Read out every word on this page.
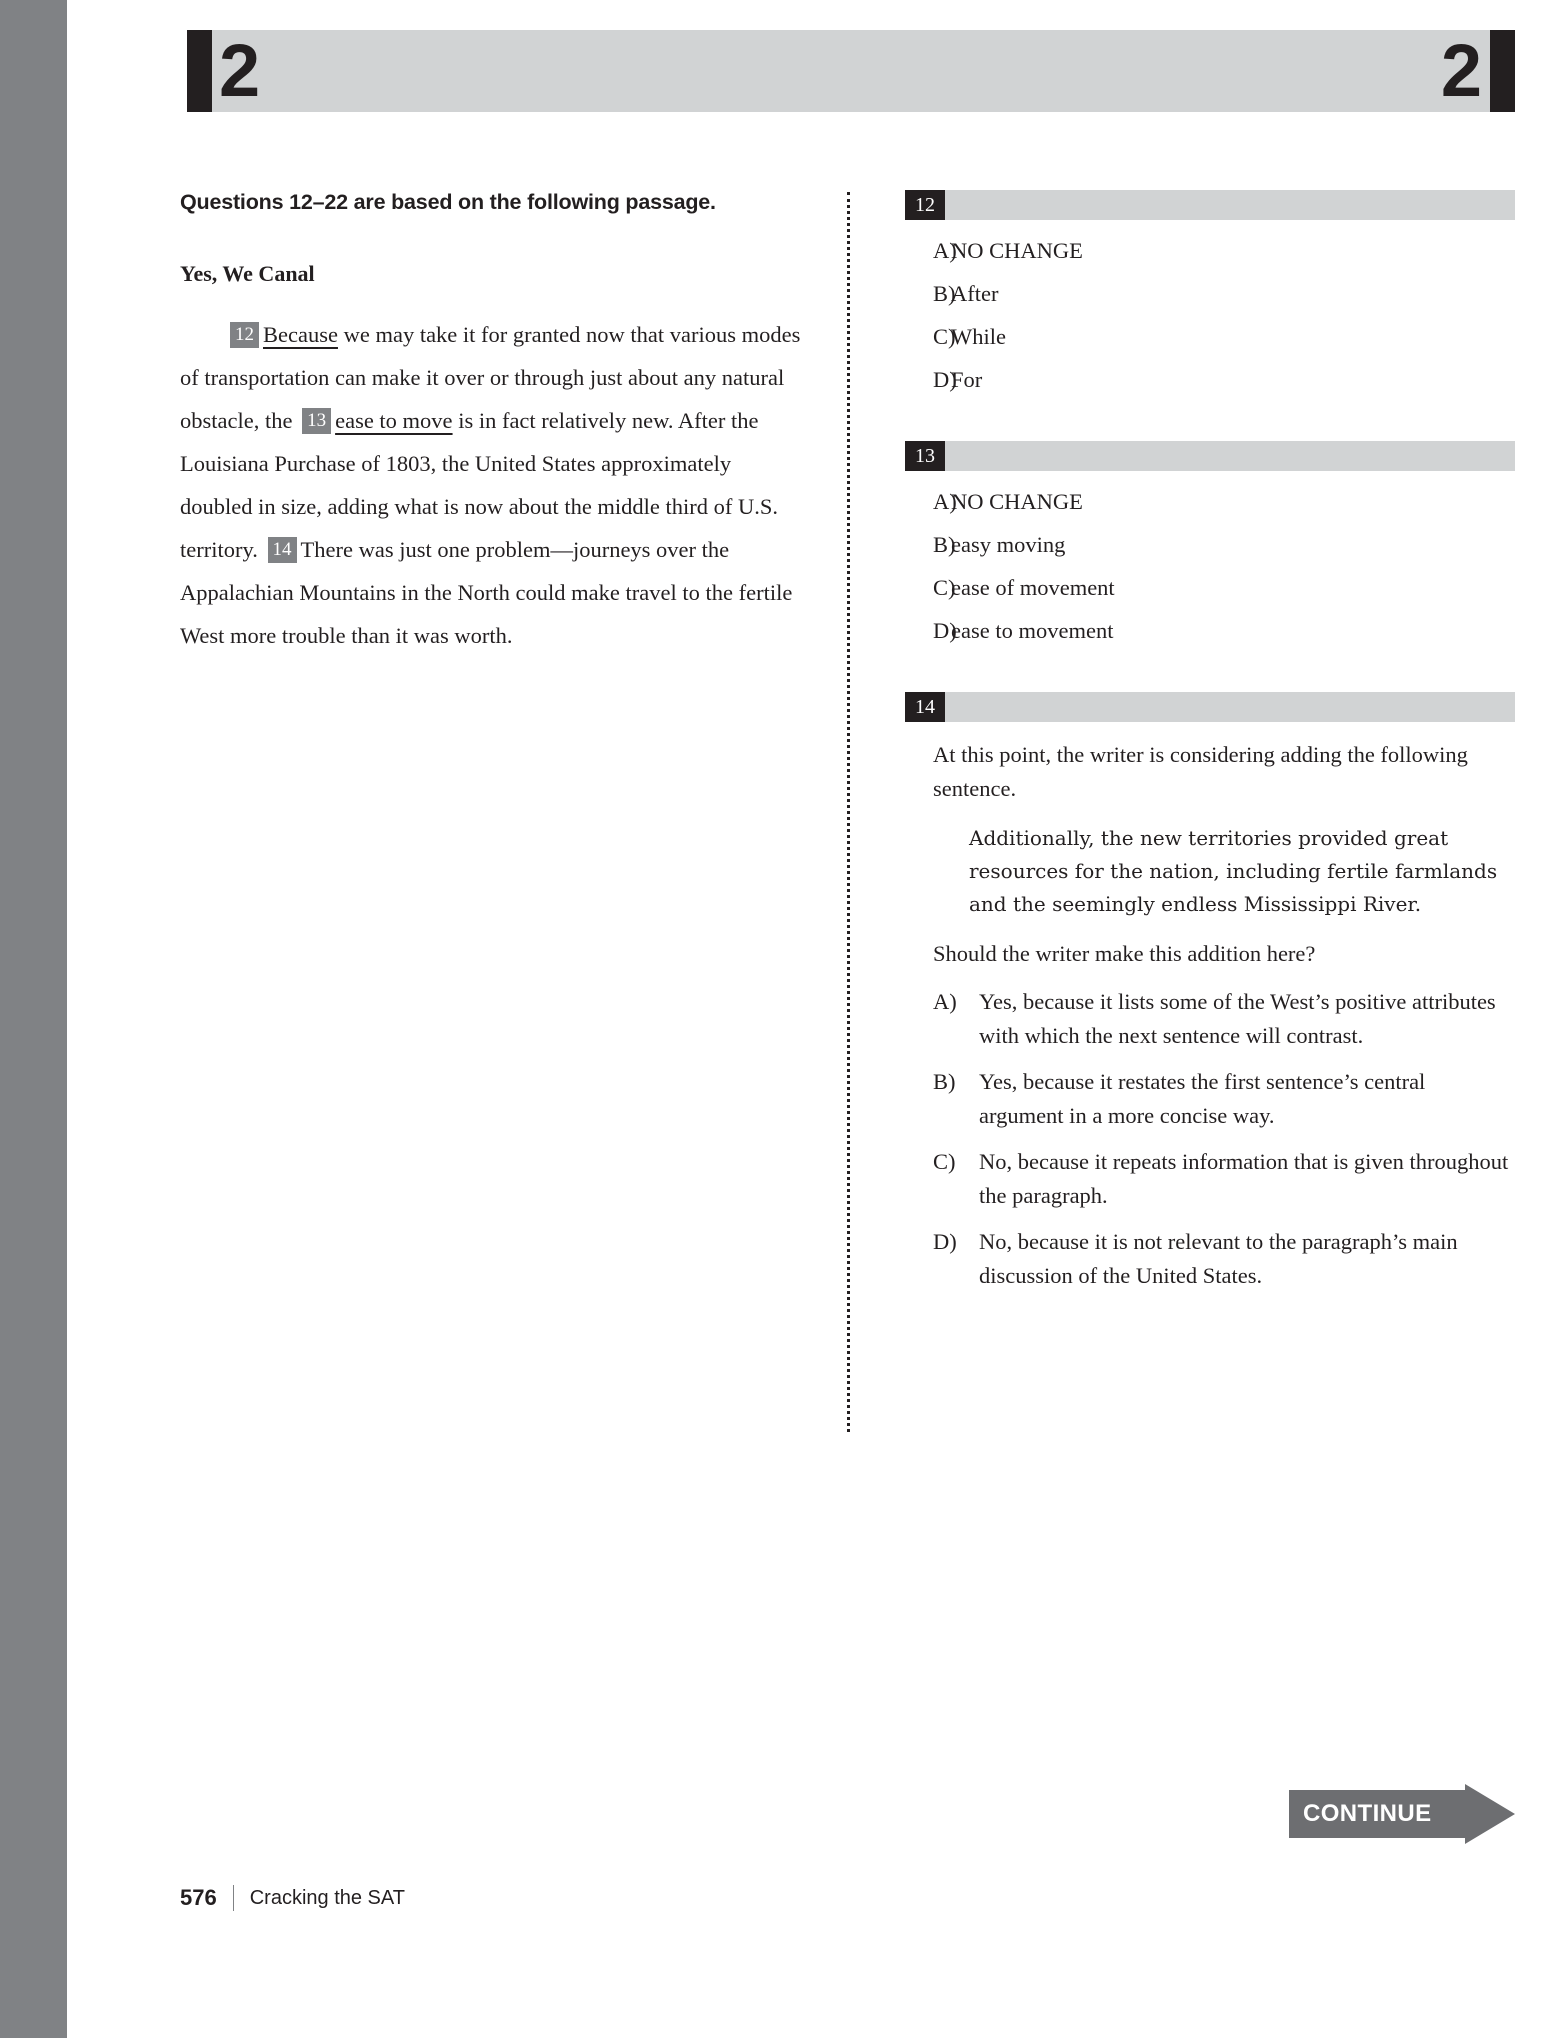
2	2

Questions 12–22 are based on the following passage.

Yes, We Canal

12 Because we may take it for granted now that various modes of transportation can make it over or through just about any natural obstacle, the 13 ease to move is in fact relatively new. After the Louisiana Purchase of 1803, the United States approximately doubled in size, adding what is now about the middle third of U.S. territory. 14 There was just one problem—journeys over the Appalachian Mountains in the North could make travel to the fertile West more trouble than it was worth.

12
A)
NO CHANGE
B)
After
C)
While
D)
For
13
A)
NO CHANGE
B)
easy moving
C)
ease of movement
D)
ease to movement
14

At this point, the writer is considering adding the following sentence.

Additionally, the new territories provided great resources for the nation, including fertile farmlands and the seemingly endless Mississippi River.

Should the writer make this addition here?

A) Yes, because it lists some of the West’s positive attributes with which the next sentence will contrast.
B)	Yes, because it restates the first sentence’s central argument in a more concise way.
C)	No, because it repeats information that is given throughout the paragraph.
D) No, because it is not relevant to the paragraph’s main discussion of the United States.
CONTINUE
576 Cracking the SAT
